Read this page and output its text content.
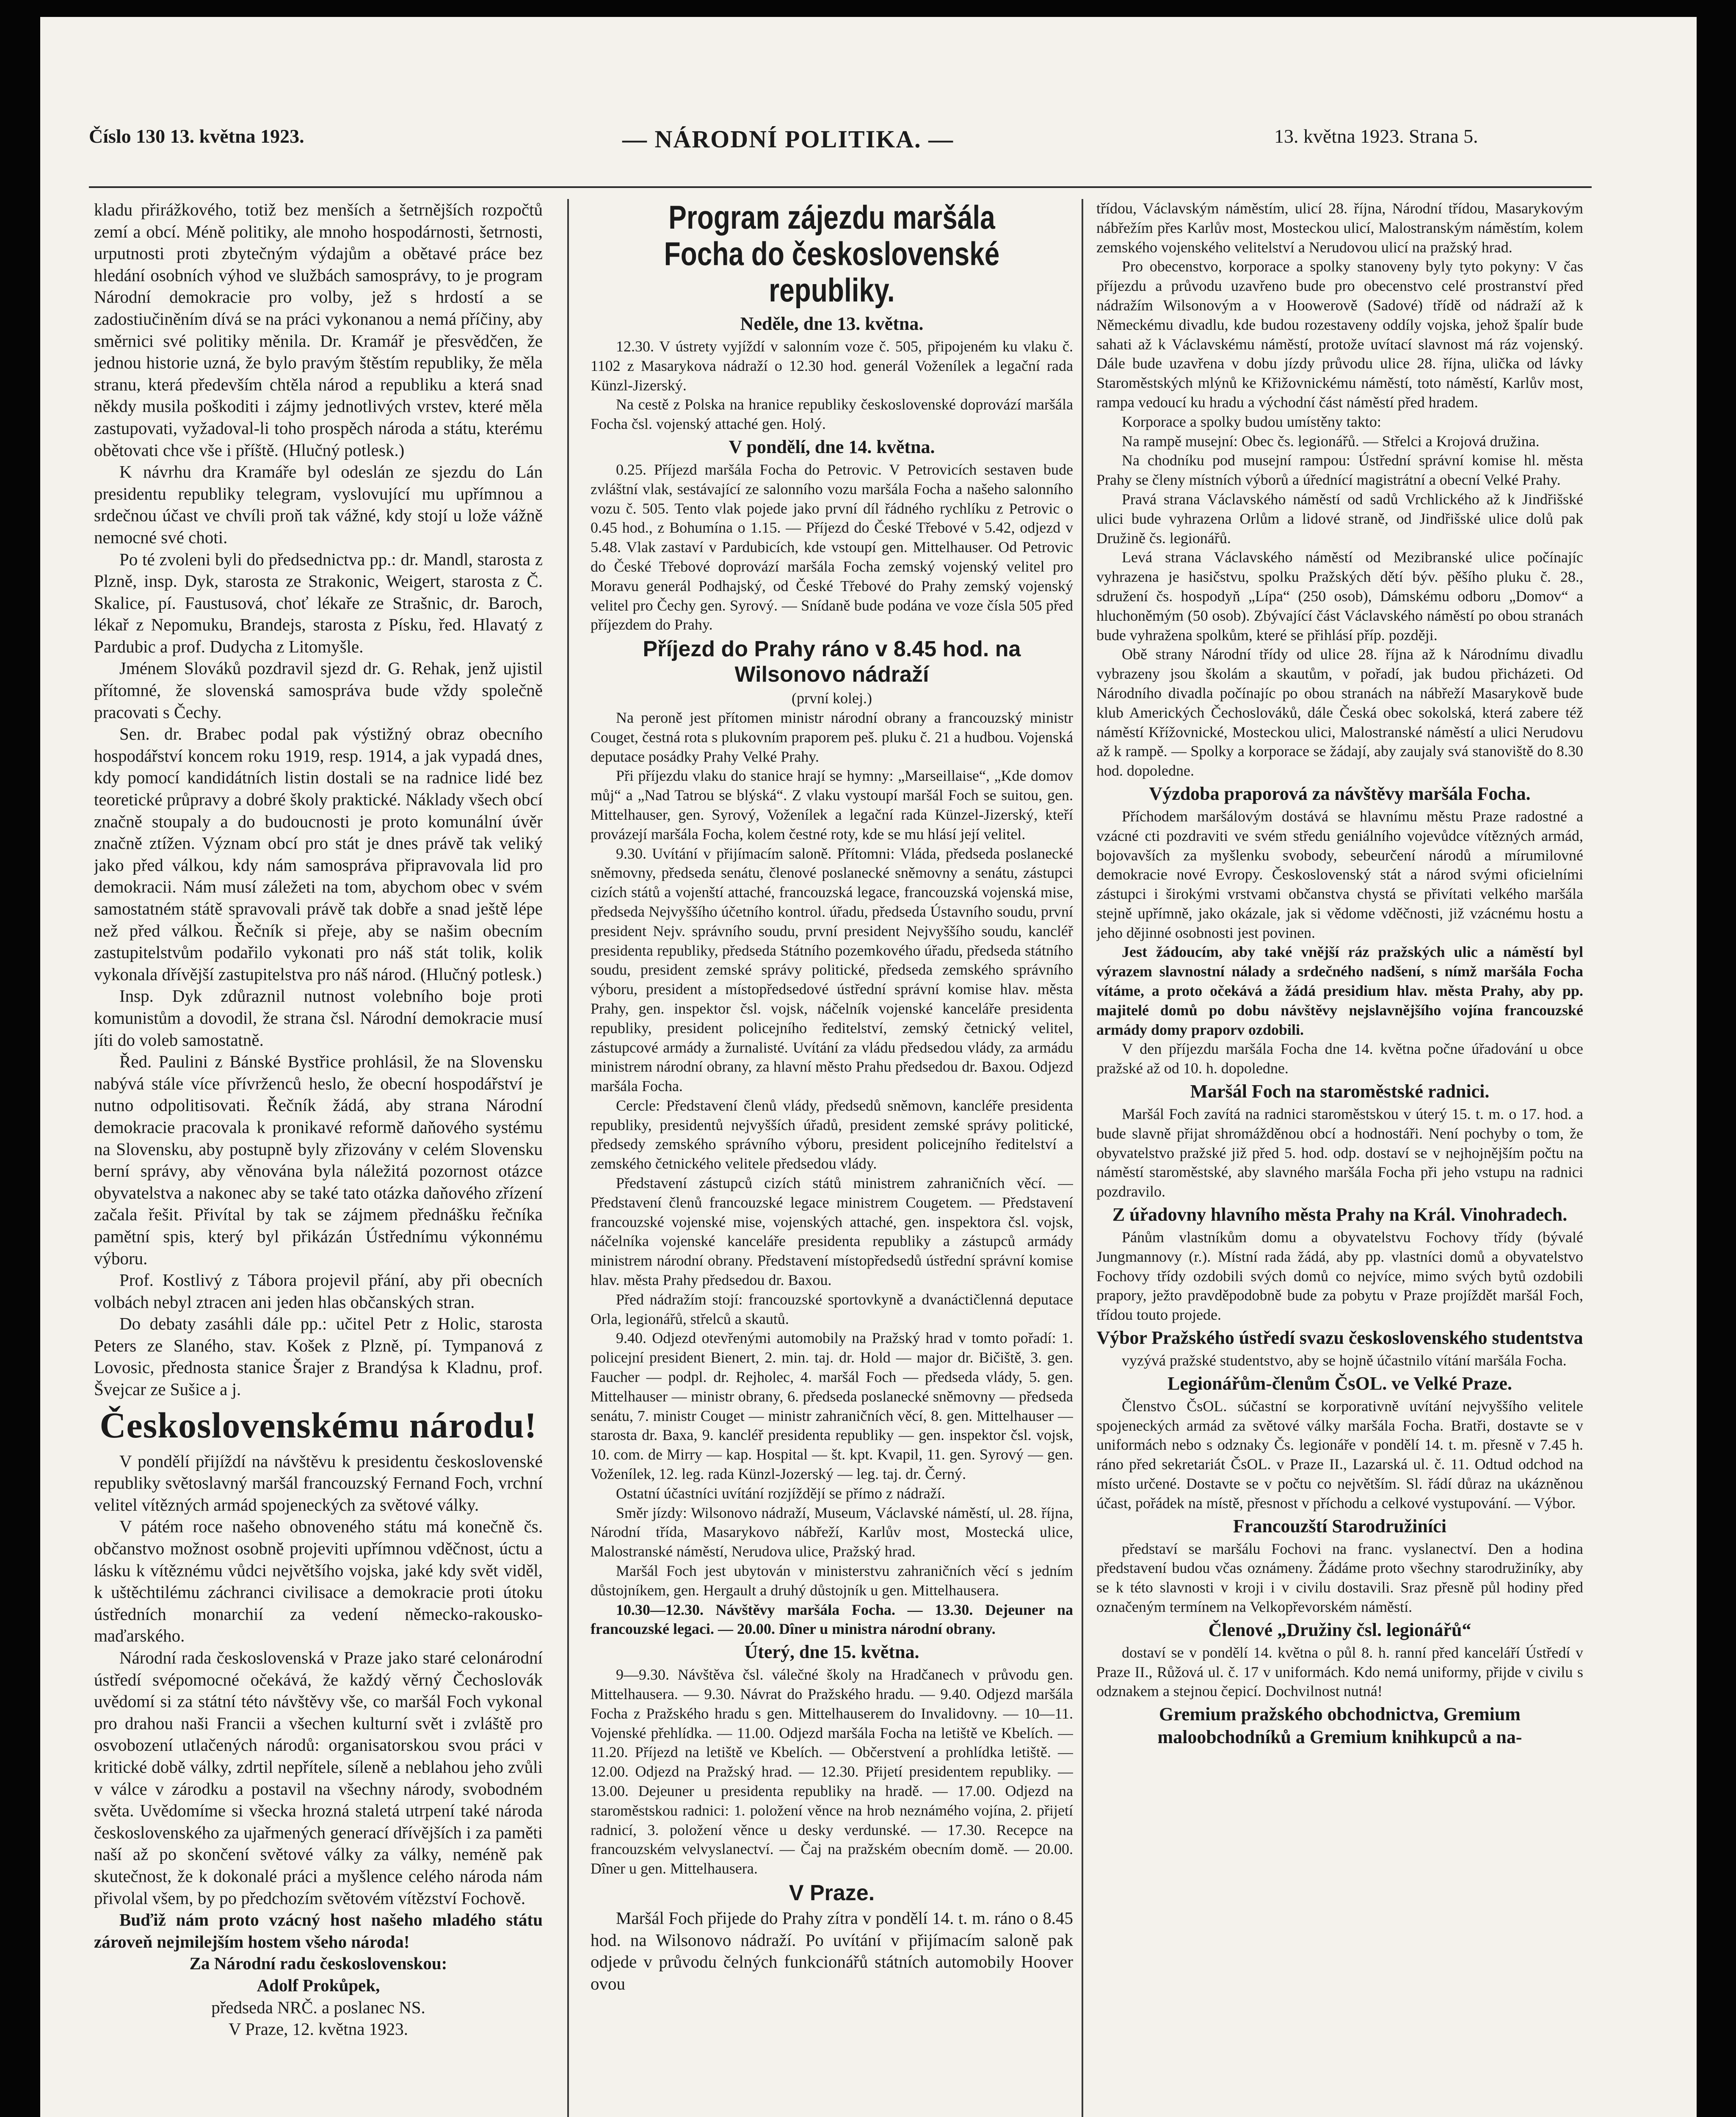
Číslo 130 13. května 1923.	— NÁRODNÍ POLITIKA. —	13. května 1923. Strana 5.

kladu přirážkového, totiž bez menších a šetrnějších rozpočtů zemí a obcí. Méně politiky, ale mnoho hospodárnosti, šetrnosti, urputnosti proti zbytečným výdajům a obětavé práce bez hledání osobních výhod ve službách samosprávy, to je program Národní demokracie pro volby, jež s hrdostí a se zadostiučiněním dívá se na práci vykonanou a nemá příčiny, aby směrnici své politiky měnila. Dr. Kramář je přesvědčen, že jednou historie uzná, že bylo pravým štěstím republiky, že měla stranu, která především chtěla národ a republiku a která snad někdy musila poškoditi i zájmy jednotlivých vrstev, které měla zastupovati, vyžadoval-li toho prospěch národa a státu, kterému obětovati chce vše i příště. (Hlučný potlesk.)

K návrhu dra Kramáře byl odeslán ze sjezdu do Lán presidentu republiky telegram, vyslovující mu upřímnou a srdečnou účast ve chvíli proň tak vážné, kdy stojí u lože vážně nemocné své choti.

Po té zvoleni byli do předsednictva pp.: dr. Mandl, starosta z Plzně, insp. Dyk, starosta ze Strakonic, Weigert, starosta z Č. Skalice, pí. Faustusová, choť lékaře ze Strašnic, dr. Baroch, lékař z Nepomuku, Brandejs, starosta z Písku, řed. Hlavatý z Pardubic a prof. Dudycha z Litomyšle.

Jménem Slováků pozdravil sjezd dr. G. Rehak, jenž ujistil přítomné, že slovenská samospráva bude vždy společně pracovati s Čechy.

Sen. dr. Brabec podal pak výstižný obraz obecního hospodářství koncem roku 1919, resp. 1914, a jak vypadá dnes, kdy pomocí kandidátních listin dostali se na radnice lidé bez teoretické průpravy a dobré školy praktické. Náklady všech obcí značně stoupaly a do budoucnosti je proto komunální úvěr značně ztížen. Význam obcí pro stát je dnes právě tak veliký jako před válkou, kdy nám samospráva připravovala lid pro demokracii. Nám musí záležeti na tom, abychom obec v svém samostatném státě spravovali právě tak dobře a snad ještě lépe než před válkou. Řečník si přeje, aby se našim obecním zastupitelstvům podařilo vykonati pro náš stát tolik, kolik vykonala dřívější zastupitelstva pro náš národ. (Hlučný potlesk.)

Insp. Dyk zdůraznil nutnost volebního boje proti komunistům a dovodil, že strana čsl. Národní demokracie musí jíti do voleb samostatně.

Řed. Paulini z Bánské Bystřice prohlásil, že na Slovensku nabývá stále více přívrženců heslo, že obecní hospodářství je nutno odpolitisovati. Řečník žádá, aby strana Národní demokracie pracovala k pronikavé reformě daňového systému na Slovensku, aby postupně byly zřizovány v celém Slovensku berní správy, aby věnována byla náležitá pozornost otázce obyvatelstva a nakonec aby se také tato otázka daňového zřízení začala řešit. Přivítal by tak se zájmem přednášku řečníka pamětní spis, který byl přikázán Ústřednímu výkonnému výboru.

Prof. Kostlivý z Tábora projevil přání, aby při obecních volbách nebyl ztracen ani jeden hlas občanských stran.

Do debaty zasáhli dále pp.: učitel Petr z Holic, starosta Peters ze Slaného, stav. Košek z Plzně, pí. Tympanová z Lovosic, přednosta stanice Šrajer z Brandýsa k Kladnu, prof. Švejcar ze Sušice a j.

Československému národu!

V pondělí přijíždí na návštěvu k presidentu československé republiky světoslavný maršál francouzský Fernand Foch, vrchní velitel vítězných armád spojeneckých za světové války.

V pátém roce našeho obnoveného státu má konečně čs. občanstvo možnost osobně projeviti upřímnou vděčnost, úctu a lásku k vítěznému vůdci největšího vojska, jaké kdy svět viděl, k uštěchtilému záchranci civilisace a demokracie proti útoku ústředních monarchií za vedení německo-rakousko-maďarského.

Národní rada československá v Praze jako staré celonárodní ústředí svépomocné očekává, že každý věrný Čechoslovák uvědomí si za státní této návštěvy vše, co maršál Foch vykonal pro drahou naši Francii a všechen kulturní svět i zvláště pro osvobození utlačených národů: organisatorskou svou práci v kritické době války, zdrtil nepřítele, síleně a neblahou jeho zvůli v válce v zárodku a postavil na všechny národy, svobodném světa. Uvědomíme si všecka hrozná staletá utrpení také národa československého za ujařmených generací dřívějších i za paměti naší až po skončení světové války za války, neméně pak skutečnost, že k dokonalé práci a myšlence celého národa nám přivolal všem, by po předchozím světovém vítězství Fochově.

Buďiž nám proto vzácný host našeho mladého státu zároveň nejmilejším hostem všeho národa!

Za Národní radu československou:

Adolf Prokůpek,

předseda NRČ. a poslanec NS.

V Praze, 12. května 1923.

Program zájezdu maršála Focha do československé republiky.
Neděle, dne 13. května.

12.30. V ústrety vyjíždí v salonním voze č. 505, připojeném ku vlaku č. 1102 z Masarykova nádraží o 12.30 hod. generál Voženílek a legační rada Künzl-Jizerský.

Na cestě z Polska na hranice republiky československé doprovází maršála Focha čsl. vojenský attaché gen. Holý.

V pondělí, dne 14. května.

0.25. Příjezd maršála Focha do Petrovic. V Petrovicích sestaven bude zvláštní vlak, sestávající ze salonního vozu maršála Focha a našeho salonního vozu č. 505. Tento vlak pojede jako první díl řádného rychlíku z Petrovic o 0.45 hod., z Bohumína o 1.15. — Příjezd do České Třebové v 5.42, odjezd v 5.48. Vlak zastaví v Pardubicích, kde vstoupí gen. Mittelhauser. Od Petrovic do České Třebové doprovází maršála Focha zemský vojenský velitel pro Moravu generál Podhajský, od České Třebové do Prahy zemský vojenský velitel pro Čechy gen. Syrový. — Snídaně bude podána ve voze čísla 505 před příjezdem do Prahy.

Příjezd do Prahy ráno v 8.45 hod. na Wilsonovo nádraží

(první kolej.)

Na peroně jest přítomen ministr národní obrany a francouzský ministr Couget, čestná rota s plukovním praporem peš. pluku č. 21 a hudbou. Vojenská deputace posádky Prahy Velké Prahy.

Při příjezdu vlaku do stanice hrají se hymny: „Marseillaise“, „Kde domov můj“ a „Nad Tatrou se blýská“. Z vlaku vystoupí maršál Foch se suitou, gen. Mittelhauser, gen. Syrový, Voženílek a legační rada Künzel-Jizerský, kteří provázejí maršála Focha, kolem čestné roty, kde se mu hlásí její velitel.

9.30. Uvítání v přijímacím saloně. Přítomni: Vláda, předseda poslanecké sněmovny, předseda senátu, členové poslanecké sněmovny a senátu, zástupci cizích států a vojenští attaché, francouzská legace, francouzská vojenská mise, předseda Nejvyššího účetního kontrol. úřadu, předseda Ústavního soudu, první president Nejv. správního soudu, první president Nejvyššího soudu, kancléř presidenta republiky, předseda Státního pozemkového úřadu, předseda státního soudu, president zemské správy politické, předseda zemského správního výboru, president a místopředsedové ústřední správní komise hlav. města Prahy, gen. inspektor čsl. vojsk, náčelník vojenské kanceláře presidenta republiky, president policejního ředitelství, zemský četnický velitel, zástupcové armády a žurnalisté. Uvítání za vládu předsedou vlády, za armádu ministrem národní obrany, za hlavní město Prahu předsedou dr. Baxou. Odjezd maršála Focha.

Cercle: Představení členů vlády, předsedů sněmovn, kancléře presidenta republiky, presidentů nejvyšších úřadů, president zemské správy politické, předsedy zemského správního výboru, president policejního ředitelství a zemského četnického velitele předsedou vlády.

Představení zástupců cizích států ministrem zahraničních věcí. — Představení členů francouzské legace ministrem Cougetem. — Představení francouzské vojenské mise, vojenských attaché, gen. inspektora čsl. vojsk, náčelníka vojenské kanceláře presidenta republiky a zástupců armády ministrem národní obrany. Představení místopředsedů ústřední správní komise hlav. města Prahy předsedou dr. Baxou.

Před nádražím stojí: francouzské sportovkyně a dvanáctičlenná deputace Orla, legionářů, střelců a skautů.

9.40. Odjezd otevřenými automobily na Pražský hrad v tomto pořadí: 1. policejní president Bienert, 2. min. taj. dr. Hold — major dr. Bičiště, 3. gen. Faucher — podpl. dr. Rejholec, 4. maršál Foch — předseda vlády, 5. gen. Mittelhauser — ministr obrany, 6. předseda poslanecké sněmovny — předseda senátu, 7. ministr Couget — ministr zahraničních věcí, 8. gen. Mittelhauser — starosta dr. Baxa, 9. kancléř presidenta republiky — gen. inspektor čsl. vojsk, 10. com. de Mirry — kap. Hospital — št. kpt. Kvapil, 11. gen. Syrový — gen. Voženílek, 12. leg. rada Künzl-Jozerský — leg. taj. dr. Černý.

Ostatní účastníci uvítání rozjíždějí se přímo z nádraží.

Směr jízdy: Wilsonovo nádraží, Museum, Václavské náměstí, ul. 28. října, Národní třída, Masarykovo nábřeží, Karlův most, Mostecká ulice, Malostranské náměstí, Nerudova ulice, Pražský hrad.

Maršál Foch jest ubytován v ministerstvu zahraničních věcí s jedním důstojníkem, gen. Hergault a druhý důstojník u gen. Mittelhausera.

10.30—12.30. Návštěvy maršála Focha. — 13.30. Dejeuner na francouzské legaci. — 20.00. Dîner u ministra národní obrany.

Úterý, dne 15. května.

9—9.30. Návštěva čsl. válečné školy na Hradčanech v průvodu gen. Mittelhausera. — 9.30. Návrat do Pražského hradu. — 9.40. Odjezd maršála Focha z Pražského hradu s gen. Mittelhauserem do Invalidovny. — 10—11. Vojenské přehlídka. — 11.00. Odjezd maršála Focha na letiště ve Kbelích. — 11.20. Příjezd na letiště ve Kbelích. — Občerstvení a prohlídka letiště. — 12.00. Odjezd na Pražský hrad. — 12.30. Přijetí presidentem republiky. — 13.00. Dejeuner u presidenta republiky na hradě. — 17.00. Odjezd na staroměstskou radnici: 1. položení věnce na hrob neznámého vojína, 2. přijetí radnicí, 3. položení věnce u desky verdunské. — 17.30. Recepce na francouzském velvyslanectví. — Čaj na pražském obecním domě. — 20.00. Dîner u gen. Mittelhausera.

V Praze.

Maršál Foch přijede do Prahy zítra v pondělí 14. t. m. ráno o 8.45 hod. na Wilsonovo nádraží. Po uvítání v přijímacím saloně pak odjede v průvodu čelných funkcionářů státních automobily Hoover ovou

třídou, Václavským náměstím, ulicí 28. října, Národní třídou, Masarykovým nábřežím přes Karlův most, Mosteckou ulicí, Malostranským náměstím, kolem zemského vojenského velitelství a Nerudovou ulicí na pražský hrad.

Pro obecenstvo, korporace a spolky stanoveny byly tyto pokyny: V čas příjezdu a průvodu uzavřeno bude pro obecenstvo celé prostranství před nádražím Wilsonovým a v Hoowerově (Sadové) třídě od nádraží až k Německému divadlu, kde budou rozestaveny oddíly vojska, jehož špalír bude sahati až k Václavskému náměstí, protože uvítací slavnost má ráz vojenský. Dále bude uzavřena v dobu jízdy průvodu ulice 28. října, ulička od lávky Staroměstských mlýnů ke Křižovnickému náměstí, toto náměstí, Karlův most, rampa vedoucí ku hradu a východní část náměstí před hradem.

Korporace a spolky budou umístěny takto:

Na rampě musejní: Obec čs. legionářů. — Střelci a Krojová družina.

Na chodníku pod musejní rampou: Ústřední správní komise hl. města Prahy se členy místních výborů a úřednící magistrátní a obecní Velké Prahy.

Pravá strana Václavského náměstí od sadů Vrchlického až k Jindřišské ulici bude vyhrazena Orlům a lidové straně, od Jindřišské ulice dolů pak Družině čs. legionářů.

Levá strana Václavského náměstí od Mezibranské ulice počínajíc vyhrazena je hasičstvu, spolku Pražských dětí býv. pěšího pluku č. 28., sdružení čs. hospodyň „Lípa“ (250 osob), Dámskému odboru „Domov“ a hluchoněmým (50 osob). Zbývající část Václavského náměstí po obou stranách bude vyhražena spolkům, které se přihlásí příp. později.

Obě strany Národní třídy od ulice 28. října až k Národnímu divadlu vybrazeny jsou školám a skautům, v pořadí, jak budou přicházeti. Od Národního divadla počínajíc po obou stranách na nábřeží Masarykově bude klub Amerických Čechoslováků, dále Česká obec sokolská, která zabere též náměstí Křížovnické, Mosteckou ulici, Malostranské náměstí a ulici Nerudovu až k rampě. — Spolky a korporace se žádají, aby zaujaly svá stanoviště do 8.30 hod. dopoledne.

Výzdoba praporová za návštěvy maršála Focha.

Příchodem maršálovým dostává se hlavnímu městu Praze radostné a vzácné cti pozdraviti ve svém středu geniálního vojevůdce vítězných armád, bojovavších za myšlenku svobody, sebeurčení národů a mírumilovné demokracie nové Evropy. Československý stát a národ svými oficielními zástupci i širokými vrstvami občanstva chystá se přivítati velkého maršála stejně upřímně, jako okázale, jak si vědome vděčnosti, již vzácnému hostu a jeho dějinné osobnosti jest povinen.

Jest žádoucím, aby také vnější ráz pražských ulic a náměstí byl výrazem slavnostní nálady a srdečného nadšení, s nímž maršála Focha vítáme, a proto očekává a žádá presidium hlav. města Prahy, aby pp. majitelé domů po dobu návštěvy nejslavnějšího vojína francouzské armády domy praporv ozdobili.

V den příjezdu maršála Focha dne 14. května počne úřadování u obce pražské až od 10. h. dopoledne.

Maršál Foch na staroměstské radnici.

Maršál Foch zavítá na radnici staroměstskou v úterý 15. t. m. o 17. hod. a bude slavně přijat shromážděnou obcí a hodnostáři. Není pochyby o tom, že obyvatelstvo pražské již před 5. hod. odp. dostaví se v nejhojnějším počtu na náměstí staroměstské, aby slavného maršála Focha při jeho vstupu na radnici pozdravilo.

Z úřadovny hlavního města Prahy na Král. Vinohradech.

Pánům vlastníkům domu a obyvatelstvu Fochovy třídy (bývalé Jungmannovy (r.). Místní rada žádá, aby pp. vlastníci domů a obyvatelstvo Fochovy třídy ozdobili svých domů co nejvíce, mimo svých bytů ozdobili prapory, ježto pravděpodobně bude za pobytu v Praze projíždět maršál Foch, třídou touto projede.

Výbor Pražského ústředí svazu československého studentstva

vyzývá pražské studentstvo, aby se hojně účastnilo vítání maršála Focha.

Legionářům-členům ČsOL. ve Velké Praze.

Členstvo ČsOL. súčastní se korporativně uvítání nejvyššího velitele spojeneckých armád za světové války maršála Focha. Bratři, dostavte se v uniformách nebo s odznaky Čs. legionáře v pondělí 14. t. m. přesně v 7.45 h. ráno před sekretariát ČsOL. v Praze II., Lazarská ul. č. 11. Odtud odchod na místo určené. Dostavte se v počtu co největším. Sl. řádí důraz na ukázněnou účast, pořádek na místě, přesnost v příchodu a celkové vystupování. — Výbor.

Francouzští Starodružiníci

představí se maršálu Fochovi na franc. vyslanectví. Den a hodina představení budou včas oznámeny. Žádáme proto všechny starodružiníky, aby se k této slavnosti v kroji i v civilu dostavili. Sraz přesně půl hodiny před označeným termínem na Velkopřevorském náměstí.

Členové „Družiny čsl. legionářů“

dostaví se v pondělí 14. května o půl 8. h. ranní před kanceláří Ústředí v Praze II., Růžová ul. č. 17 v uniformách. Kdo nemá uniformy, přijde v civilu s odznakem a stejnou čepicí. Dochvilnost nutná!

Gremium pražského obchodnictva, Gremium maloobchodníků a Gremium knihkupců a na-
